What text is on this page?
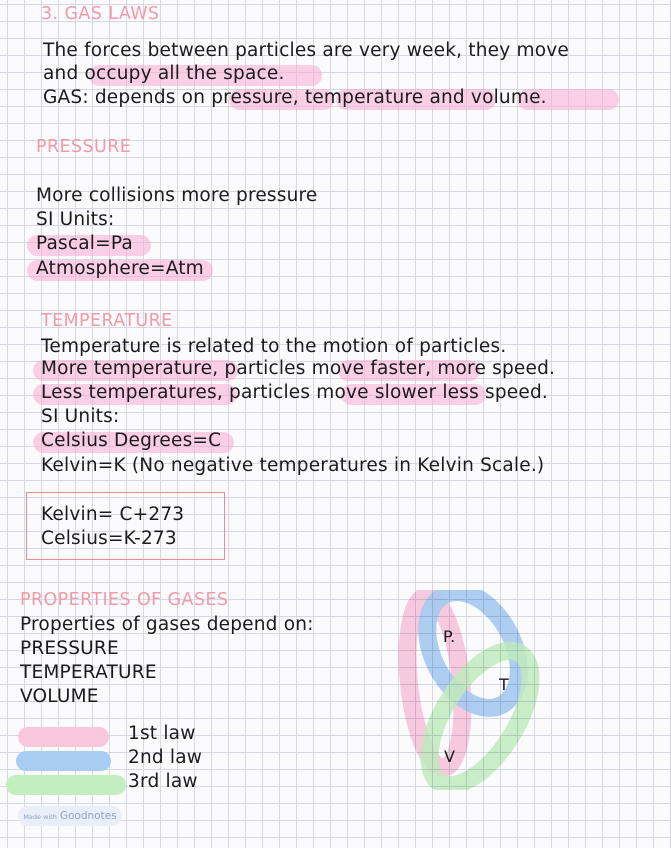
3. GAS LAWS
The forces between particles are very week, they move
and occupy all the space.
GAS: depends on pressure, temperature and volume.
PRESSURE
More collisions more pressure
SI Units:
Pascal=Pa
Atmosphere=Atm
TEMPERATURE
Temperature is related to the motion of particles.
More temperature, particles move faster, more speed.
Less temperatures, particles move slower less speed.
SI Units:
Celsius Degrees=C
Kelvin=K (No negative temperatures in Kelvin Scale.)
Kelvin= C+273
Celsius=K-273
PROPERTIES OF GASES
Properties of gases depend on:
PRESSURE
TEMPERATURE
VOLUME
1st law
2nd law
3rd law
P.
T
V
Made with Goodnotes
